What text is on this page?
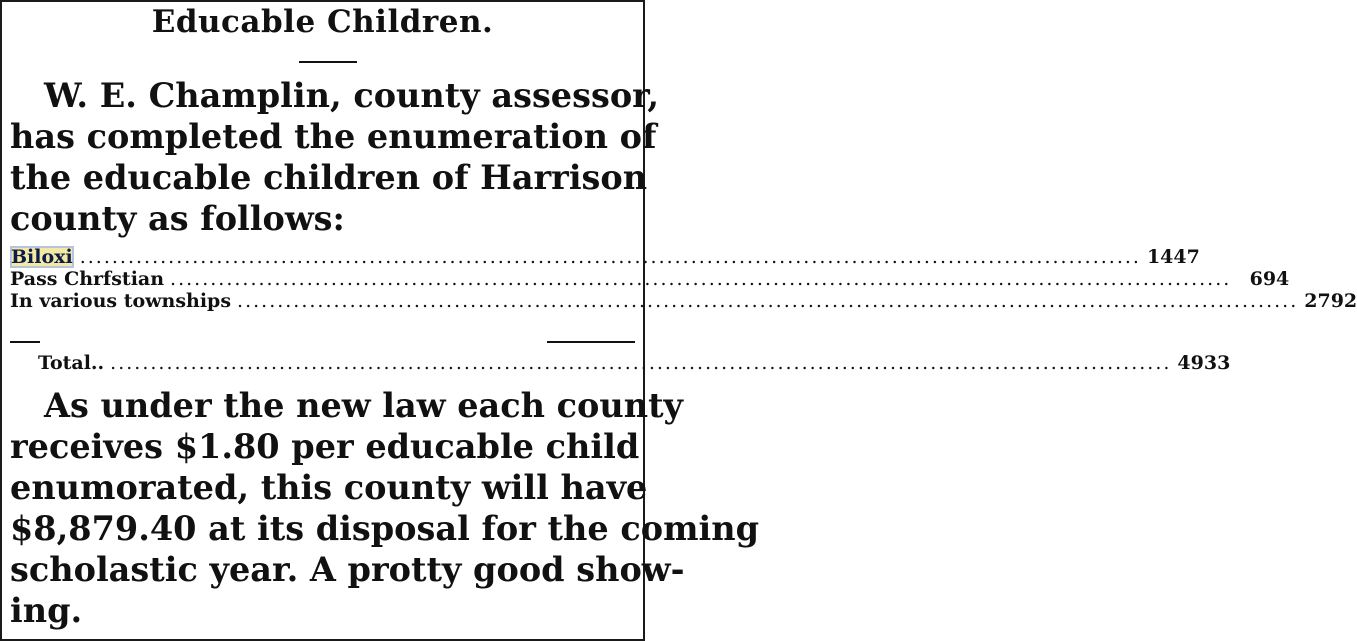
Educable Children.
W. E. Champlin, county assessor,
has completed the enumeration of
the educable children of Harrison
county as follows:
Biloxi .....	1447
Pass Chrfstian .....	694
In various townships .....	2792
Total.. .....	4933
As under the new law each county
receives $1.80 per educable child
enumorated, this county will have
$8,879.40 at its disposal for the coming
scholastic year. A protty good show-
ing.
